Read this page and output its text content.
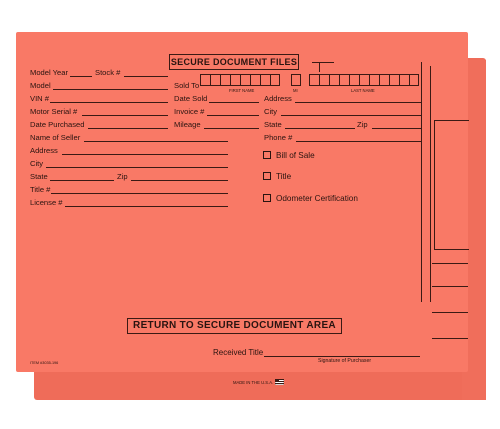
SECURE DOCUMENT FILES
Model Year	Stock #
Model
VIN #
Motor Serial #
Date Purchased
Name of Seller
Address
City
State	Zip
Title #
License #
Sold To
FIRST NAME	MI	LAST NAME
Date Sold	Address
Invoice #	City
Mileage	State	Zip
Phone #
Bill of Sale
Title
Odometer Certification
RETURN TO SECURE DOCUMENT AREA
Received Title
Signature of Purchaser
ITEM #3035-196
MADE IN THE U.S.A.
